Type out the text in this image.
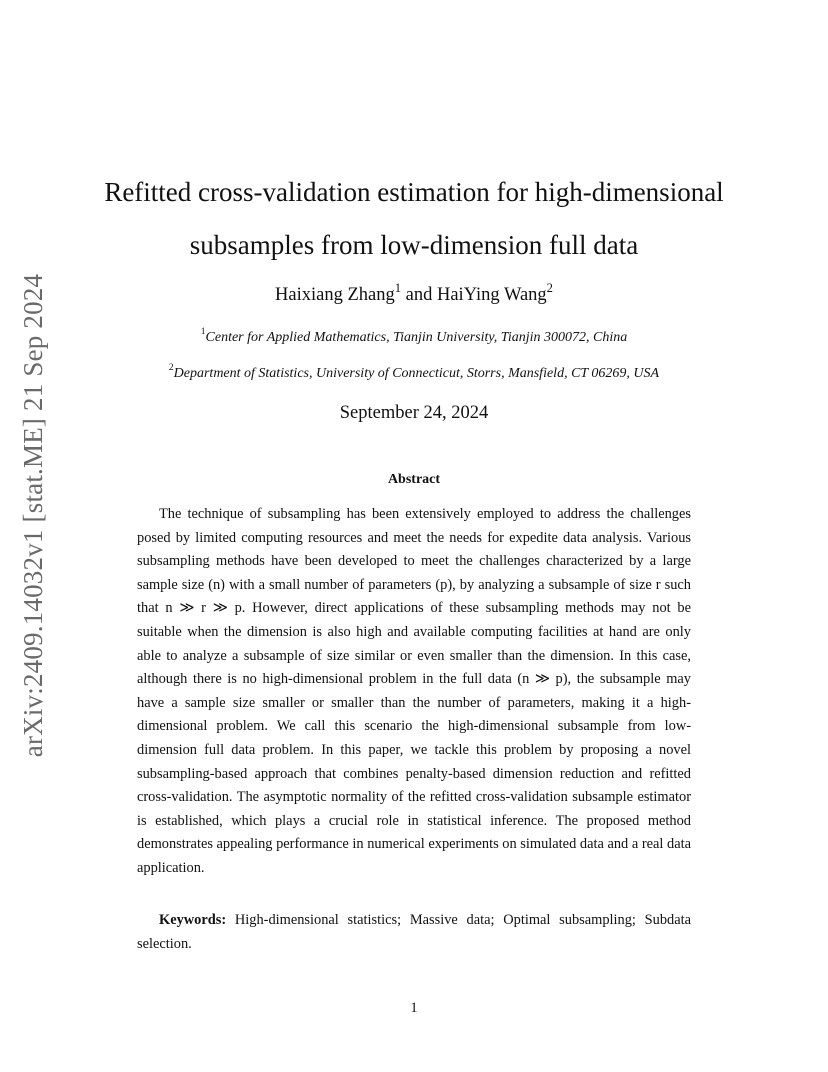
arXiv:2409.14032v1 [stat.ME] 21 Sep 2024
Refitted cross-validation estimation for high-dimensional
subsamples from low-dimension full data
Haixiang Zhang$^1$ and HaiYing Wang$^2$
$^1$Center for Applied Mathematics, Tianjin University, Tianjin 300072, China
$^2$Department of Statistics, University of Connecticut, Storrs, Mansfield, CT 06269, USA
September 24, 2024
Abstract

The technique of subsampling has been extensively employed to address the challenges posed by limited computing resources and meet the needs for expedite data analysis. Various subsampling methods have been developed to meet the challenges characterized by a large sample size (n) with a small number of parameters (p), by analyzing a subsample of size r such that n ≫ r ≫ p. However, direct applications of these subsampling methods may not be suitable when the dimension is also high and available computing facilities at hand are only able to analyze a subsample of size similar or even smaller than the dimension. In this case, although there is no high-dimensional problem in the full data (n ≫ p), the subsample may have a sample size smaller or smaller than the number of parameters, making it a high-dimensional problem. We call this scenario the high-dimensional subsample from low-dimension full data problem. In this paper, we tackle this problem by proposing a novel subsampling-based approach that combines penalty-based dimension reduction and refitted cross-validation. The asymptotic normality of the refitted cross-validation subsample estimator is established, which plays a crucial role in statistical inference. The proposed method demonstrates appealing performance in numerical experiments on simulated data and a real data application.

Keywords: High-dimensional statistics; Massive data; Optimal subsampling; Subdata selection.

1
